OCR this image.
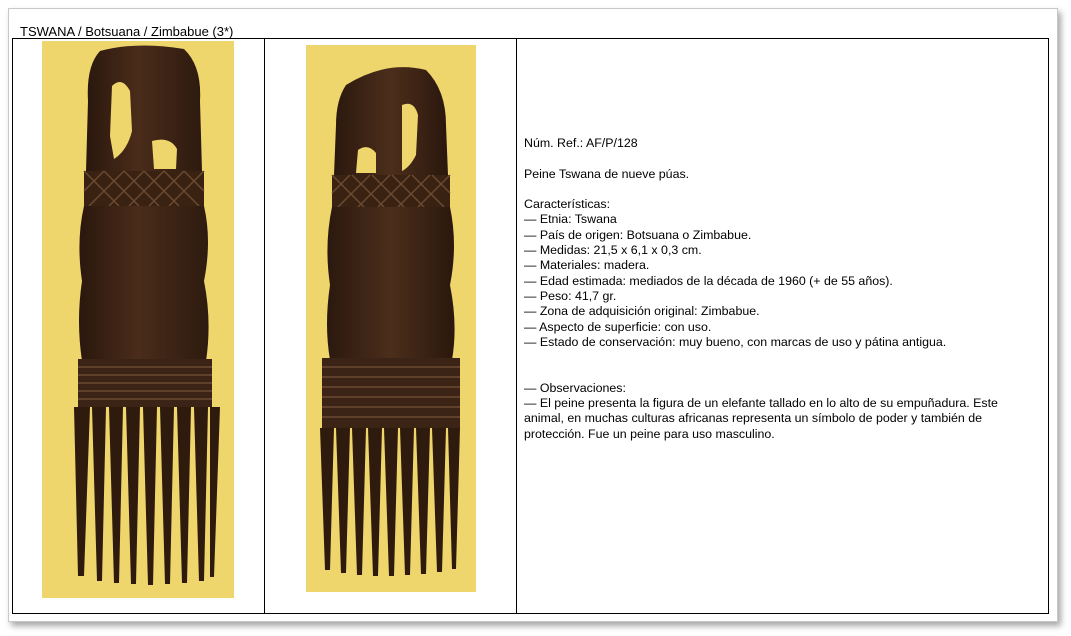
TSWANA / Botsuana / Zimbabue (3*)

Núm. Ref.: AF/P/128

Peine Tswana de nueve púas.

Características:

— Etnia: Tswana

— País de origen: Botsuana o Zimbabue.

— Medidas: 21,5 x 6,1 x 0,3 cm.

— Materiales: madera.

— Edad estimada: mediados de la década de 1960 (+ de 55 años).

— Peso: 41,7 gr.

— Zona de adquisición original: Zimbabue.

— Aspecto de superficie: con uso.

— Estado de conservación: muy bueno, con marcas de uso y pátina antigua.

— Observaciones:

— El peine presenta la figura de un elefante tallado en lo alto de su empuñadura. Este animal, en muchas culturas africanas representa un símbolo de poder y también de protección. Fue un peine para uso masculino.
